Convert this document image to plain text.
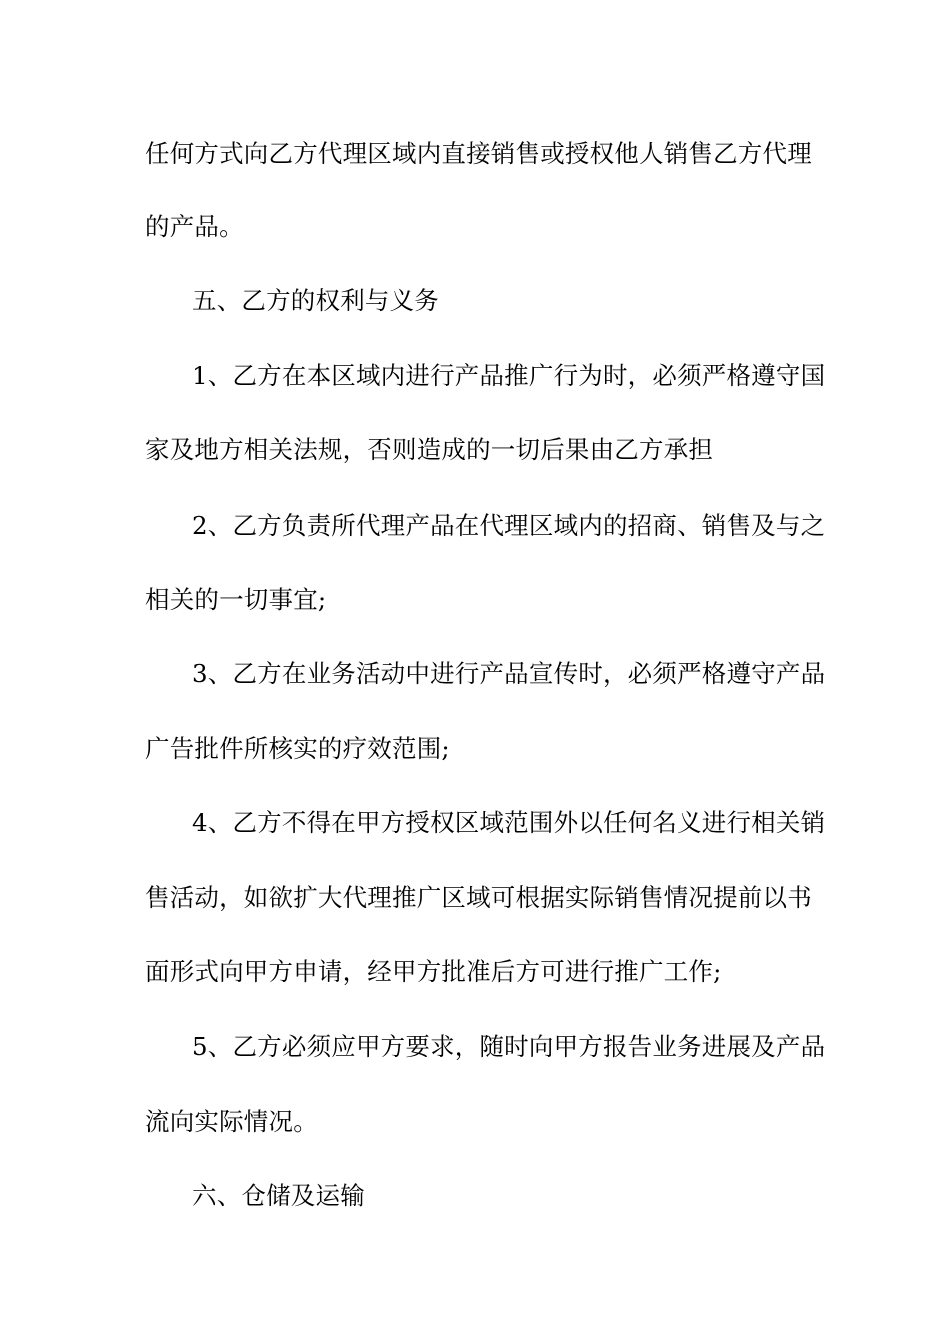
任何方式向乙方代理区域内直接销售或授权他人销售乙方代理
的产品。
五、乙方的权利与义务
1、乙方在本区域内进行产品推广行为时，必须严格遵守国
家及地方相关法规，否则造成的一切后果由乙方承担
2、乙方负责所代理产品在代理区域内的招商、销售及与之
相关的一切事宜;
3、乙方在业务活动中进行产品宣传时，必须严格遵守产品
广告批件所核实的疗效范围;
4、乙方不得在甲方授权区域范围外以任何名义进行相关销
售活动，如欲扩大代理推广区域可根据实际销售情况提前以书
面形式向甲方申请，经甲方批准后方可进行推广工作;
5、乙方必须应甲方要求，随时向甲方报告业务进展及产品
流向实际情况。
六、仓储及运输
